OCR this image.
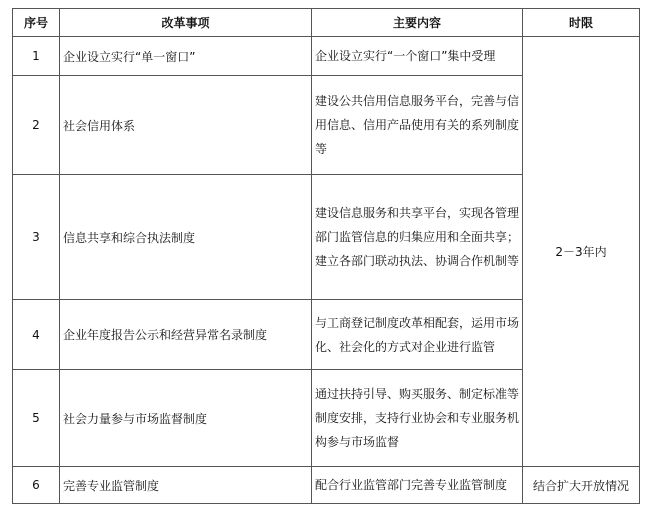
序号	改革事项	主要内容	时限
1	企业设立实行“单一窗口”	企业设立实行“一个窗口”集中受理	2－3年内
2	社会信用体系	建设公共信用信息服务平台，完善与信用信息、信用产品使用有关的系列制度等	
3	信息共享和综合执法制度	建设信息服务和共享平台，实现各管理部门监管信息的归集应用和全面共享；建立各部门联动执法、协调合作机制等	
4	企业年度报告公示和经营异常名录制度	与工商登记制度改革相配套，运用市场化、社会化的方式对企业进行监管	
5	社会力量参与市场监督制度	通过扶持引导、购买服务、制定标准等制度安排，支持行业协会和专业服务机构参与市场监督	
6	完善专业监管制度	配合行业监管部门完善专业监管制度	结合扩大开放情况
